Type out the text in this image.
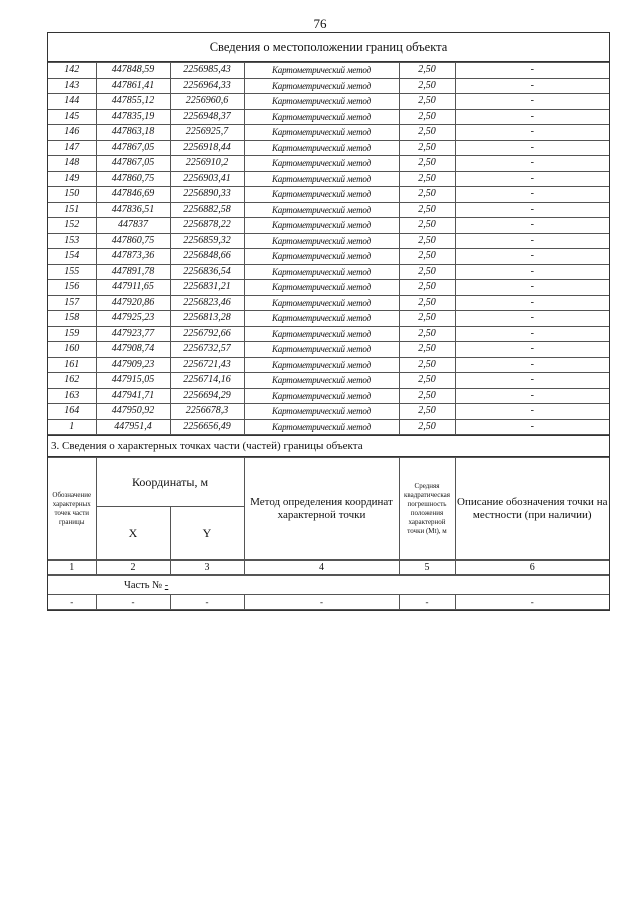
76
Сведения о местоположении границ объекта
142	447848,59	2256985,43	Картометрический метод	2,50	-
143	447861,41	2256964,33	Картометрический метод	2,50	-
144	447855,12	2256960,6	Картометрический метод	2,50	-
145	447835,19	2256948,37	Картометрический метод	2,50	-
146	447863,18	2256925,7	Картометрический метод	2,50	-
147	447867,05	2256918,44	Картометрический метод	2,50	-
148	447867,05	2256910,2	Картометрический метод	2,50	-
149	447860,75	2256903,41	Картометрический метод	2,50	-
150	447846,69	2256890,33	Картометрический метод	2,50	-
151	447836,51	2256882,58	Картометрический метод	2,50	-
152	447837	2256878,22	Картометрический метод	2,50	-
153	447860,75	2256859,32	Картометрический метод	2,50	-
154	447873,36	2256848,66	Картометрический метод	2,50	-
155	447891,78	2256836,54	Картометрический метод	2,50	-
156	447911,65	2256831,21	Картометрический метод	2,50	-
157	447920,86	2256823,46	Картометрический метод	2,50	-
158	447925,23	2256813,28	Картометрический метод	2,50	-
159	447923,77	2256792,66	Картометрический метод	2,50	-
160	447908,74	2256732,57	Картометрический метод	2,50	-
161	447909,23	2256721,43	Картометрический метод	2,50	-
162	447915,05	2256714,16	Картометрический метод	2,50	-
163	447941,71	2256694,29	Картометрический метод	2,50	-
164	447950,92	2256678,3	Картометрический метод	2,50	-
1	447951,4	2256656,49	Картометрический метод	2,50	-
3. Сведения о характерных точках части (частей) границы объекта
Обозначение характерных точек части границы	Координаты, м		Метод определения координат характерной точки	Средняя квадратическая погрешность положения характерной точки (Мt), м	Описание обозначения точки на местности (при наличии)
	X	Y			
1	2	3	4	5	6
Часть № -
-	-	-	-	-	-
